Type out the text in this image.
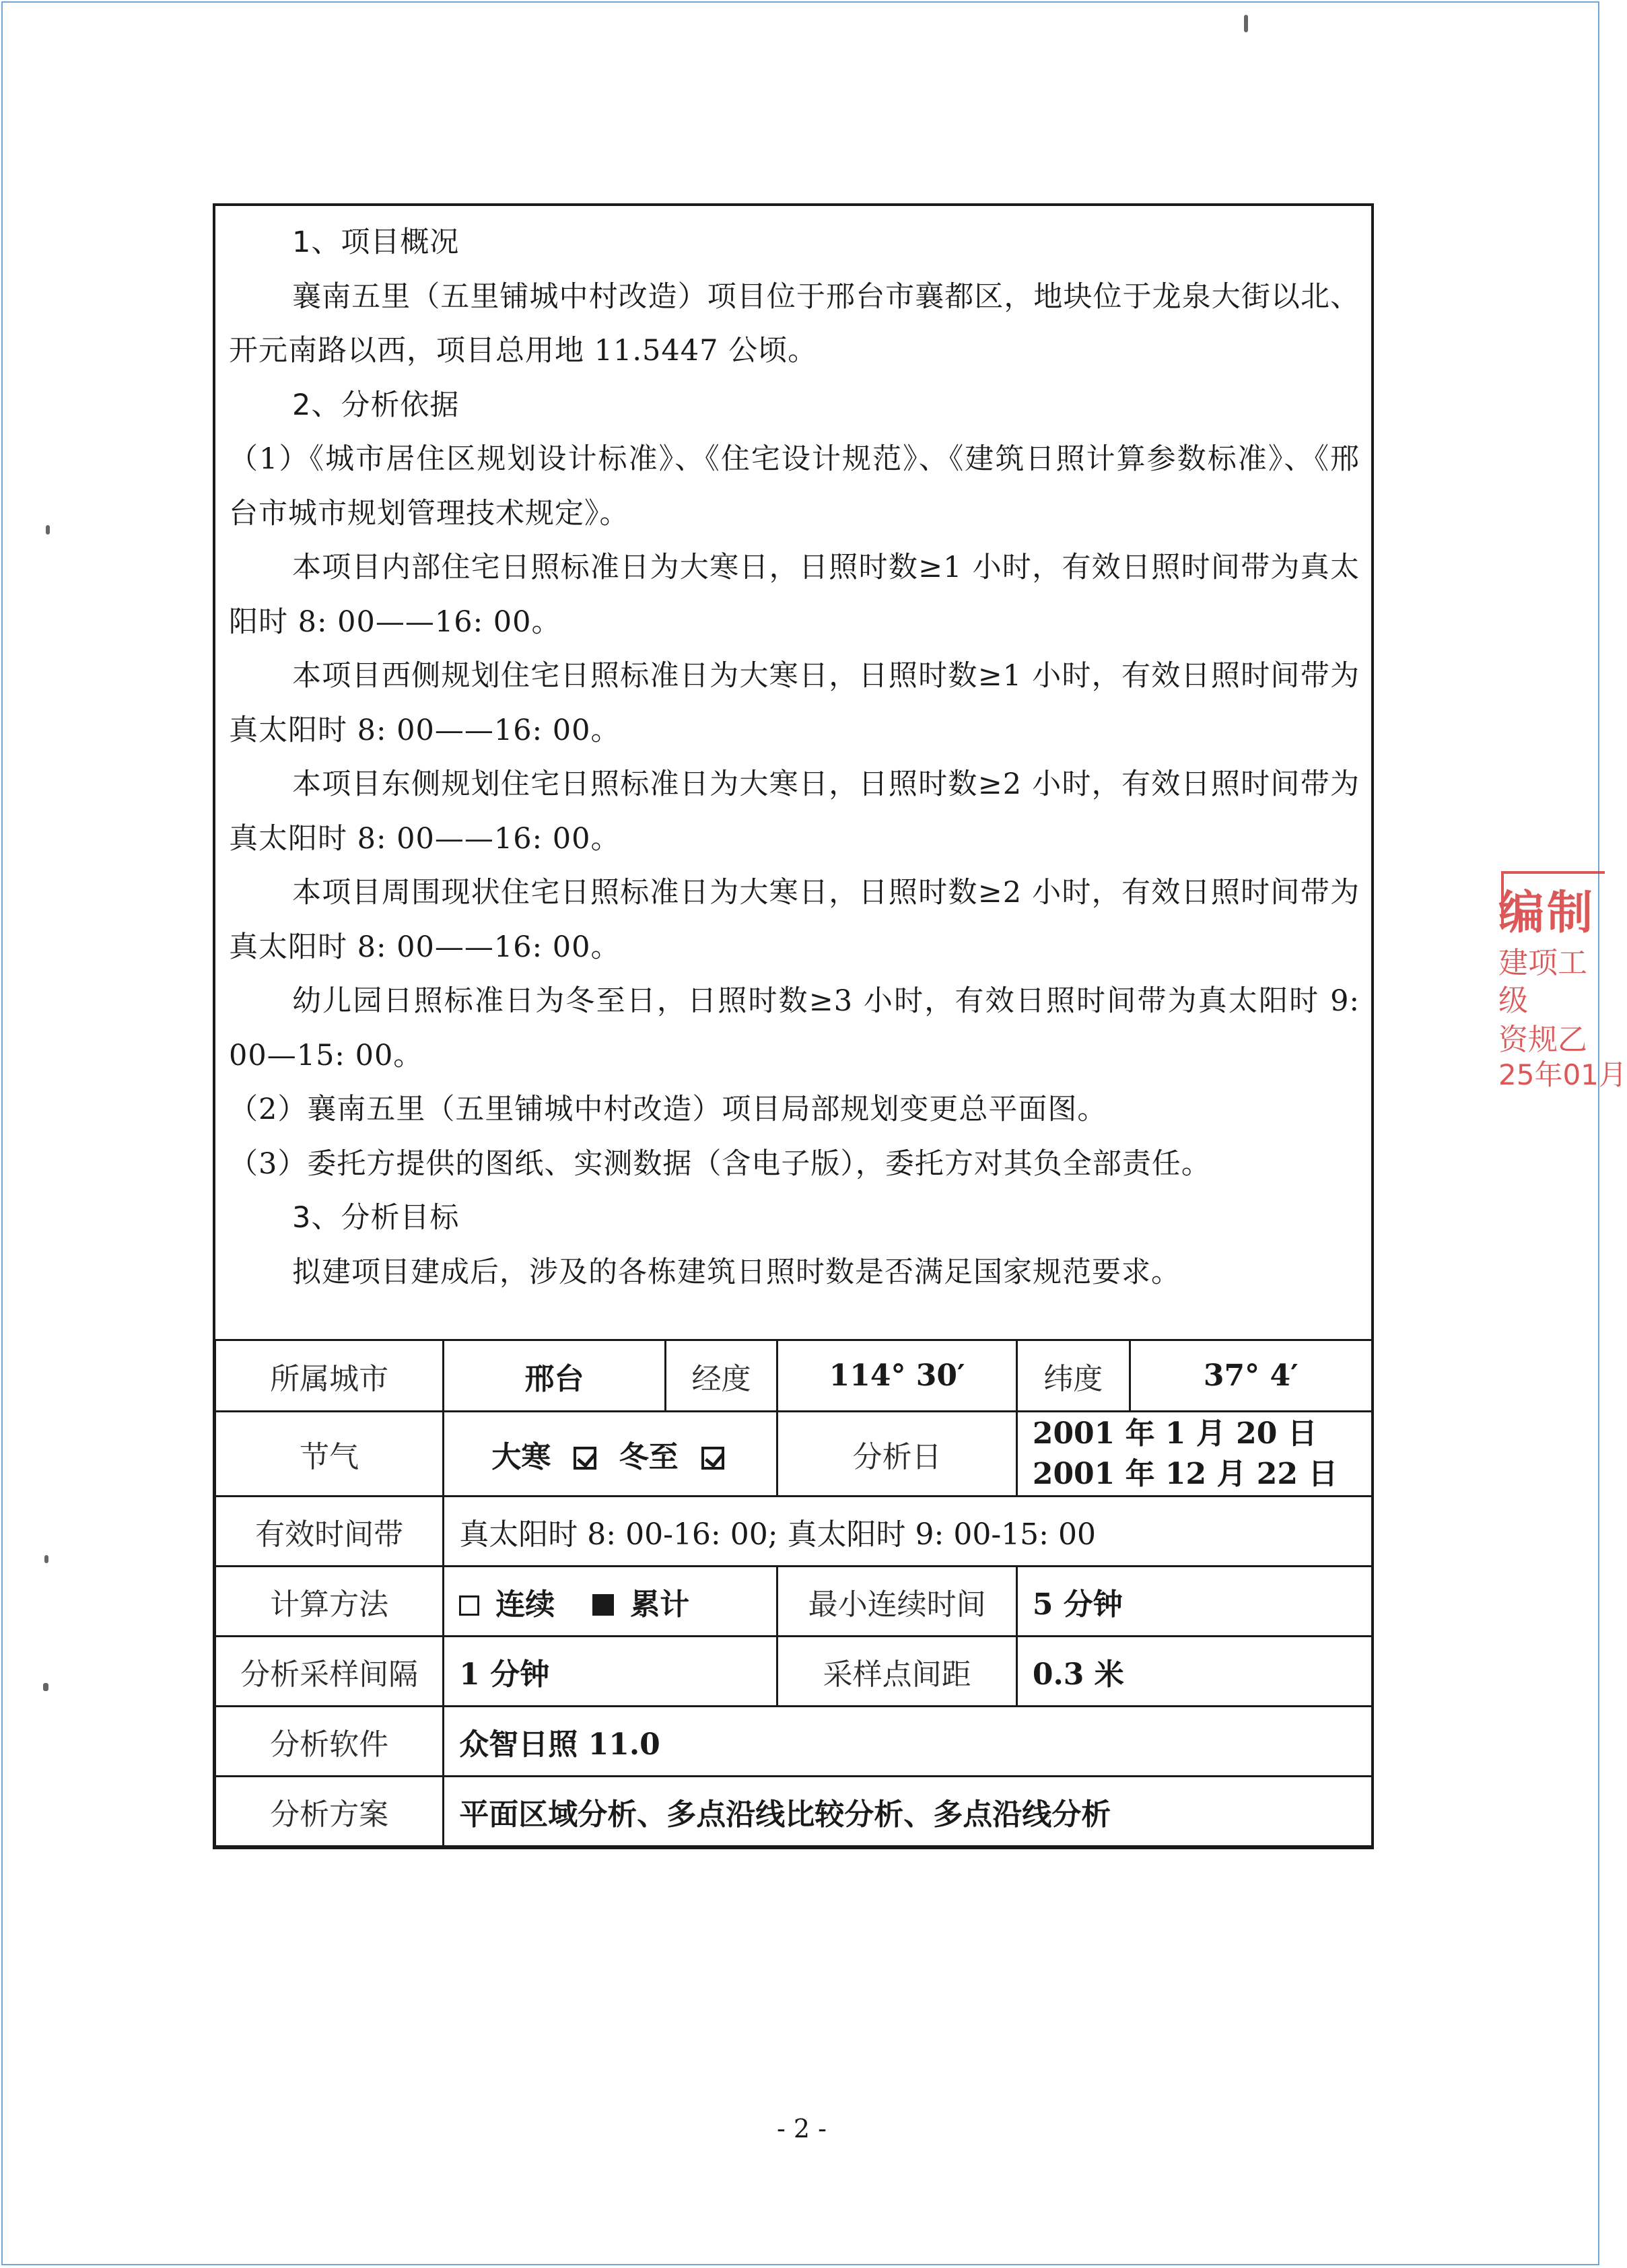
1、项目概况

襄南五里（五里铺城中村改造）项目位于邢台市襄都区，地块位于龙泉大街以北、开元南路以西，项目总用地 11.5447 公顷。

2、分析依据

（1）《城市居住区规划设计标准》、《住宅设计规范》、《建筑日照计算参数标准》、《邢台市城市规划管理技术规定》。

本项目内部住宅日照标准日为大寒日，日照时数≥1 小时，有效日照时间带为真太阳时 8: 00——16: 00。

本项目西侧规划住宅日照标准日为大寒日，日照时数≥1 小时，有效日照时间带为真太阳时 8: 00——16: 00。

本项目东侧规划住宅日照标准日为大寒日，日照时数≥2 小时，有效日照时间带为真太阳时 8: 00——16: 00。

本项目周围现状住宅日照标准日为大寒日，日照时数≥2 小时，有效日照时间带为真太阳时 8: 00——16: 00。

幼儿园日照标准日为冬至日，日照时数≥3 小时，有效日照时间带为真太阳时 9: 00—15: 00。

（2）襄南五里（五里铺城中村改造）项目局部规划变更总平面图。

（3）委托方提供的图纸、实测数据（含电子版），委托方对其负全部责任。

3、分析目标

拟建项目建成后，涉及的各栋建筑日照时数是否满足国家规范要求。

所属城市	邢台	经度	114° 30′	纬度	37° 4′
节气	大寒 冬至		分析日	2001 年 1 月 20 日
2001 年 12 月 22 日	

有效时间带	真太阳时 8: 00-16: 00; 真太阳时 9: 00-15: 00				
计算方法	连续 累计		最小连续时间	5 分钟	
分析采样间隔	1 分钟		采样点间距	0.3 米	
分析软件	众智日照 11.0				
分析方案	平面区域分析、多点沿线比较分析、多点沿线分析				
编制
建项工
级
资规乙
25年01月
- 2 -
